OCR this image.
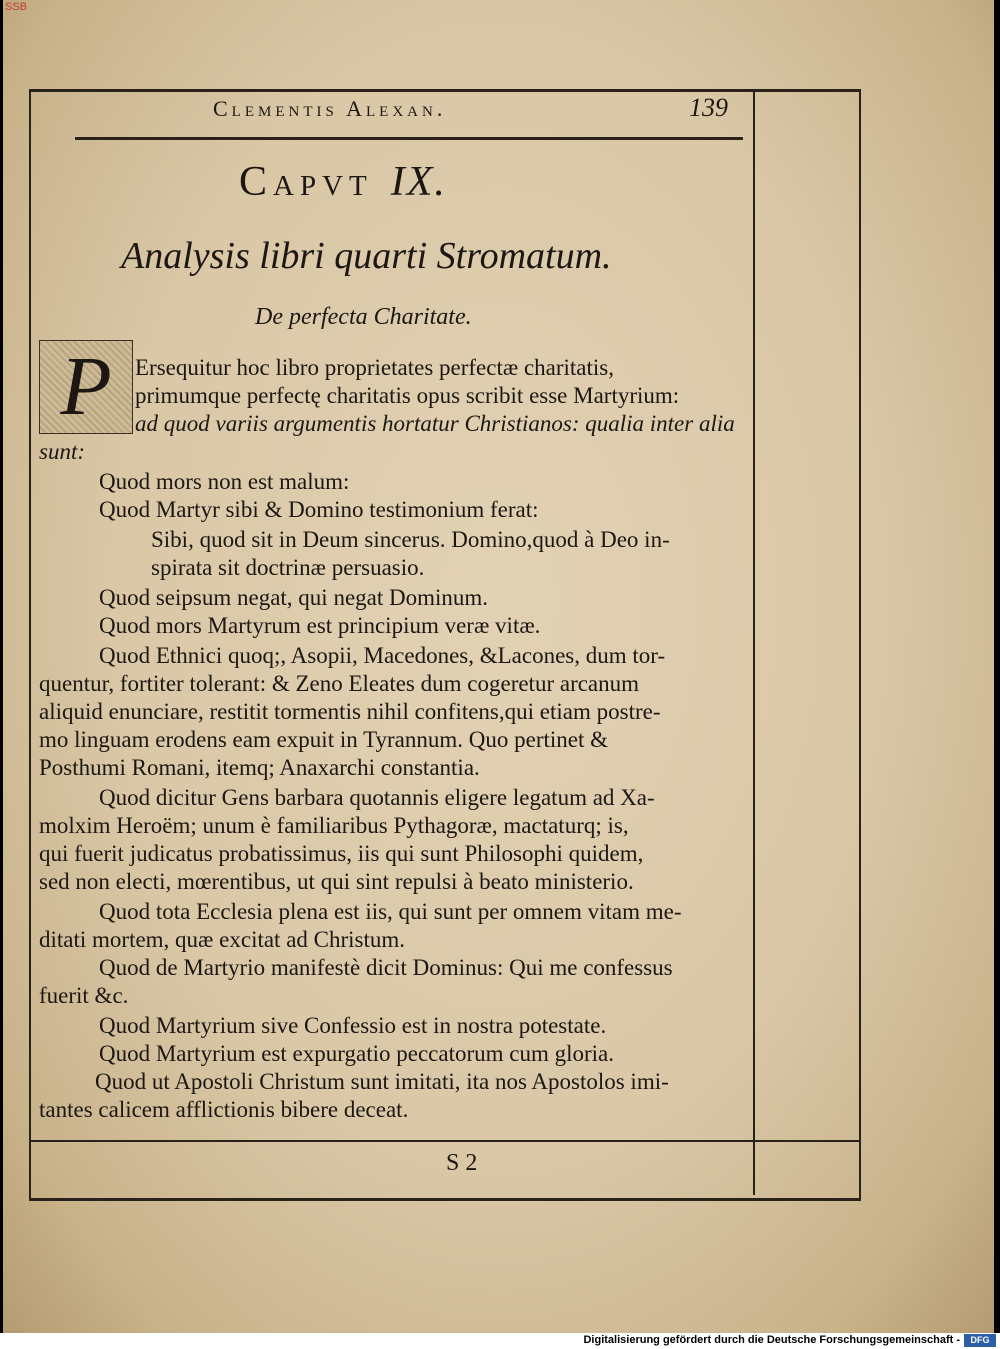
SSB
Clementis Alexan.	139
Capvt IX.
Analysis libri quarti Stromatum.
De perfecta Charitate.
P	Ersequitur hoc libro proprietates perfectæ charitatis,
primumque perfectę charitatis opus scribit esse Martyrium:
ad quod variis argumentis hortatur Christianos: qualia inter alia
sunt:
Quod mors non est malum:
Quod Martyr sibi & Domino testimonium ferat:
Sibi, quod sit in Deum sincerus. Domino,quod à Deo in-
spirata sit doctrinæ persuasio.
Quod seipsum negat, qui negat Dominum.
Quod mors Martyrum est principium veræ vitæ.
Quod Ethnici quoq;, Asopii, Macedones, &Lacones, dum tor-
quentur, fortiter tolerant: & Zeno Eleates dum cogeretur arcanum
aliquid enunciare, restitit tormentis nihil confitens,qui etiam postre-
mo linguam erodens eam expuit in Tyrannum. Quo pertinet &
Posthumi Romani, itemq; Anaxarchi constantia.
Quod dicitur Gens barbara quotannis eligere legatum ad Xa-
molxim Heroëm; unum è familiaribus Pythagoræ, mactaturq; is,
qui fuerit judicatus probatissimus, iis qui sunt Philosophi quidem,
sed non electi, mœrentibus, ut qui sint repulsi à beato ministerio.
Quod tota Ecclesia plena est iis, qui sunt per omnem vitam me-
ditati mortem, quæ excitat ad Christum.
Quod de Martyrio manifestè dicit Dominus: Qui me confessus
fuerit &c.
Quod Martyrium sive Confessio est in nostra potestate.
Quod Martyrium est expurgatio peccatorum cum gloria.
Quod ut Apostoli Christum sunt imitati, ita nos Apostolos imi-
tantes calicem afflictionis bibere deceat.
S 2
Digitalisierung gefördert durch die Deutsche Forschungsgemeinschaft -	DFG
